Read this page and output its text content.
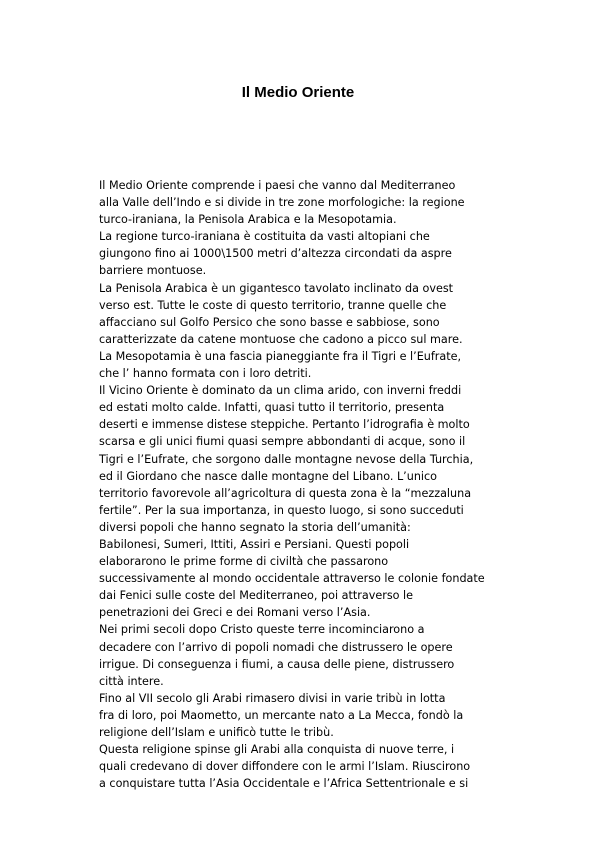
Il Medio Oriente
Il Medio Oriente comprende i paesi che vanno dal Mediterraneo
alla Valle dell’Indo e si divide in tre zone morfologiche: la regione
turco-iraniana, la Penisola Arabica e la Mesopotamia.
La regione turco-iraniana è costituita da vasti altopiani che
giungono fino ai 1000\1500 metri d’altezza circondati da aspre
barriere montuose.
La Penisola Arabica è un gigantesco tavolato inclinato da ovest
verso est. Tutte le coste di questo territorio, tranne quelle che
affacciano sul Golfo Persico che sono basse e sabbiose, sono
caratterizzate da catene montuose che cadono a picco sul mare.
La Mesopotamia è una fascia pianeggiante fra il Tigri e l’Eufrate,
che l’ hanno formata con i loro detriti.
Il Vicino Oriente è dominato da un clima arido, con inverni freddi
ed estati molto calde. Infatti, quasi tutto il territorio, presenta
deserti e immense distese steppiche. Pertanto l’idrografia è molto
scarsa e gli unici fiumi quasi sempre abbondanti di acque, sono il
Tigri e l’Eufrate, che sorgono dalle montagne nevose della Turchia,
ed il Giordano che nasce dalle montagne del Libano. L’unico
territorio favorevole all’agricoltura di questa zona è la “mezzaluna
fertile”. Per la sua importanza, in questo luogo, si sono succeduti
diversi popoli che hanno segnato la storia dell’umanità:
Babilonesi, Sumeri, Ittiti, Assiri e Persiani. Questi popoli
elaborarono le prime forme di civiltà che passarono
successivamente al mondo occidentale attraverso le colonie fondate
dai Fenici sulle coste del Mediterraneo, poi attraverso le
penetrazioni dei Greci e dei Romani verso l’Asia.
Nei primi secoli dopo Cristo queste terre incominciarono a
decadere con l’arrivo di popoli nomadi che distrussero le opere
irrigue. Di conseguenza i fiumi, a causa delle piene, distrussero
città intere.
Fino al VII secolo gli Arabi rimasero divisi in varie tribù in lotta
fra di loro, poi Maometto, un mercante nato a La Mecca, fondò la
religione dell’Islam e unificò tutte le tribù.
Questa religione spinse gli Arabi alla conquista di nuove terre, i
quali credevano di dover diffondere con le armi l’Islam. Riuscirono
a conquistare tutta l’Asia Occidentale e l’Africa Settentrionale e si
